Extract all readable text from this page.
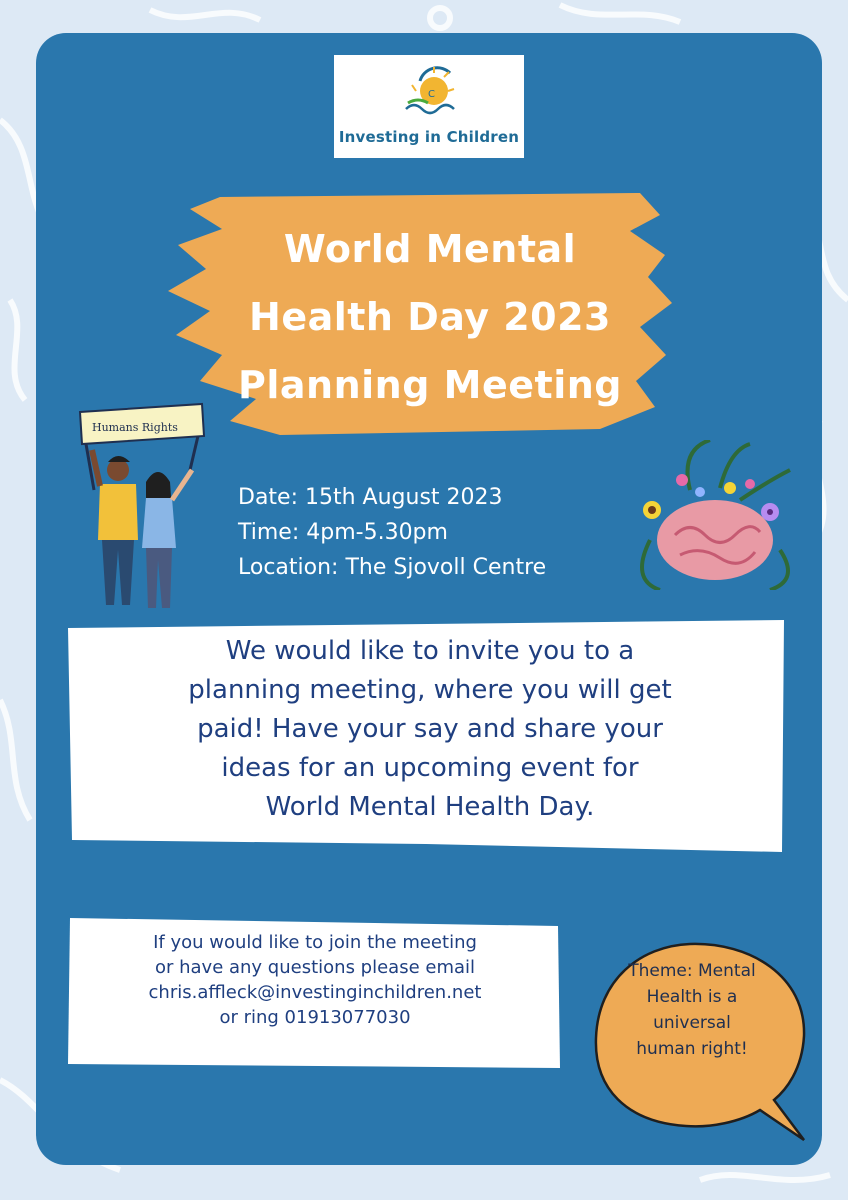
C
Investing in Children
World Mental
Health Day 2023
Planning Meeting
Humans Rights
Date: 15th August 2023
Time: 4pm-5.30pm
Location: The Sjovoll Centre
We would like to invite you to a
planning meeting, where you will get
paid! Have your say and share your
ideas for an upcoming event for
World Mental Health Day.
If you would like to join the meeting
or have any questions please email
chris.affleck@investinginchildren.net
or ring 01913077030
Theme: Mental
Health is a
universal
human right!
